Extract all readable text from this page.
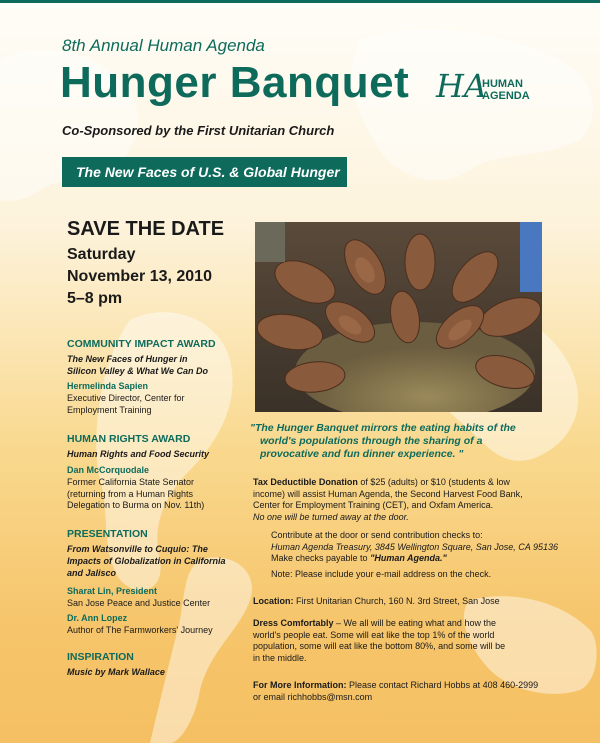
8th Annual Human Agenda
Hunger Banquet
Co-Sponsored by the First Unitarian Church
HA
HUMAN
AGENDA
The New Faces of U.S. & Global Hunger
SAVE THE DATE
Saturday
November 13, 2010
5–8 pm
COMMUNITY IMPACT AWARD
The New Faces of Hunger in
Silicon Valley & What We Can Do
Hermelinda Sapien
Executive Director, Center for
Employment Training
HUMAN RIGHTS AWARD
Human Rights and Food Security
Dan McCorquodale
Former California State Senator
(returning from a Human Rights
Delegation to Burma on Nov. 11th)
PRESENTATION
From Watsonville to Cuquio: The
Impacts of Globalization in California
and Jalisco
Sharat Lin, President
San Jose Peace and Justice Center
Dr. Ann Lopez
Author of The Farmworkers' Journey
INSPIRATION
Music by Mark Wallace
"The Hunger Banquet mirrors the eating habits of the
world's populations through the sharing of a
provocative and fun dinner experience. "
Tax Deductible Donation of $25 (adults) or $10 (students & low
income) will assist Human Agenda, the Second Harvest Food Bank,
Center for Employment Training (CET), and Oxfam America.
No one will be turned away at the door.
Contribute at the door or send contribution checks to:
Human Agenda Treasury, 3845 Wellington Square, San Jose, CA 95136
Make checks payable to "Human Agenda."
Note: Please include your e-mail address on the check.
Location: First Unitarian Church, 160 N. 3rd Street, San Jose
Dress Comfortably – We all will be eating what and how the
world's people eat. Some will eat like the top 1% of the world
population, some will eat like the bottom 80%, and some will be
in the middle.
For More Information: Please contact Richard Hobbs at 408 460-2999
or email richhobbs@msn.com
